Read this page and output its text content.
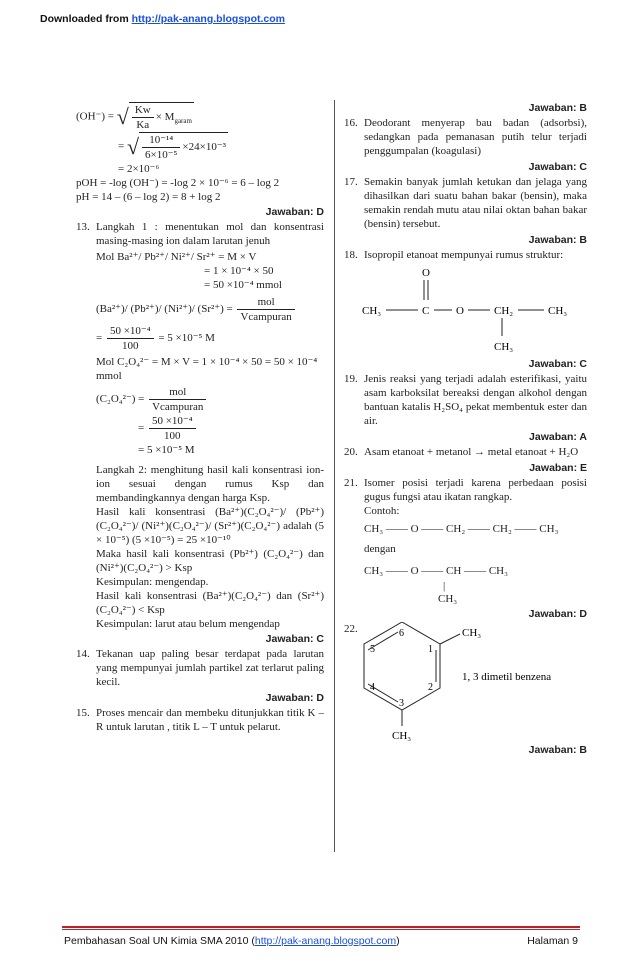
Downloaded from http://pak-anang.blogspot.com
(OH⁻) = √ $\frac{Kw}{Ka} \times M_{garam}$
= √ $\frac{\text{10⁻¹⁴}}{\text{6×10⁻⁵}} \times 24\times 10^{-3}$
= 2×10⁻⁶
pOH = -log (OH⁻) = -log 2 × 10⁻⁶ = 6 – log 2
pH = 14 – (6 – log 2) = 8 + log 2
Jawaban: D
13. Langkah 1 : menentukan mol dan konsentrasi masing-masing ion dalam larutan jenuh
Mol Ba²⁺/ Pb²⁺/ Ni²⁺/ Sr²⁺ = M × V
= 1 × 10⁻⁴ × 50
= 50 ×10⁻⁴ mmol
(Ba²⁺)/ (Pb²⁺)/ (Ni²⁺)/ $(Sr^{2+}) = \frac{\text{mol}}{\text{Vcampuran}}$
= $\frac{\text{50 ×10⁻⁴}}{100} = 5 \times 10^{-5}$ M
Mol C₂O₄²⁻ = M × V = 1 × 10⁻⁴ × 50 = 50 × 10⁻⁴ mmol
$(C_2O_4^{2-}) = \frac{\text{mol}}{\text{Vcampuran}}$
= $\frac{\text{50 ×10⁻⁴}}{100}$
= 5 ×10⁻⁵ M
Langkah 2: menghitung hasil kali konsentrasi ion-ion sesuai dengan rumus Ksp dan membandingkannya dengan harga Ksp.
Hasil kali konsentrasi (Ba²⁺)(C₂O₄²⁻)/ (Pb²⁺)(C₂O₄²⁻)/ (Ni²⁺)(C₂O₄²⁻)/ (Sr²⁺)(C₂O₄²⁻) adalah (5 × 10⁻⁵) (5 ×10⁻⁵) = 25 ×10⁻¹⁰
Maka hasil kali konsentrasi (Pb²⁺) (C₂O₄²⁻) dan (Ni²⁺)(C₂O₄²⁻) > Ksp
Kesimpulan: mengendap.
Hasil kali konsentrasi (Ba²⁺)(C₂O₄²⁻) dan (Sr²⁺)(C₂O₄²⁻) < Ksp
Kesimpulan: larut atau belum mengendap
Jawaban: C
14. Tekanan uap paling besar terdapat pada larutan yang mempunyai jumlah partikel zat terlarut paling kecil.
Jawaban: D
15. Proses mencair dan membeku ditunjukkan titik K – R untuk larutan , titik L – T untuk pelarut.
Jawaban: B
16. Deodorant menyerap bau badan (adsorbsi), sedangkan pada pemanasan putih telur terjadi penggumpalan (koagulasi)
Jawaban: C
17. Semakin banyak jumlah ketukan dan jelaga yang dihasilkan dari suatu bahan bakar (bensin), maka semakin rendah mutu atau nilai oktan bahan bakar (bensin) tersebut.
Jawaban: B
18. Isopropil etanoat mempunyai rumus struktur:
O
CH₃	C O	CH₂	CH₃
CH₃
Jawaban: C
19. Jenis reaksi yang terjadi adalah esterifikasi, yaitu asam karboksilat bereaksi dengan alkohol dengan bantuan katalis H₂SO₄ pekat membentuk ester dan air.
Jawaban: A
20. Asam etanoat + metanol → metal etanoat + H₂O
Jawaban: E
21. Isomer posisi terjadi karena perbedaan posisi gugus fungsi atau ikatan rangkap.
Contoh:
CH₃ —— O —— CH₂ —— CH₂ —— CH₃
dengan
CH₃ —— O —— CH —— CH₃
|
CH₃
Jawaban: D
22.	6
1
2
3
4
5
CH₃
CH₃
1, 3 dimetil benzena
Jawaban: B
Pembahasan Soal UN Kimia SMA 2010 (http://pak-anang.blogspot.com)	Halaman 9
